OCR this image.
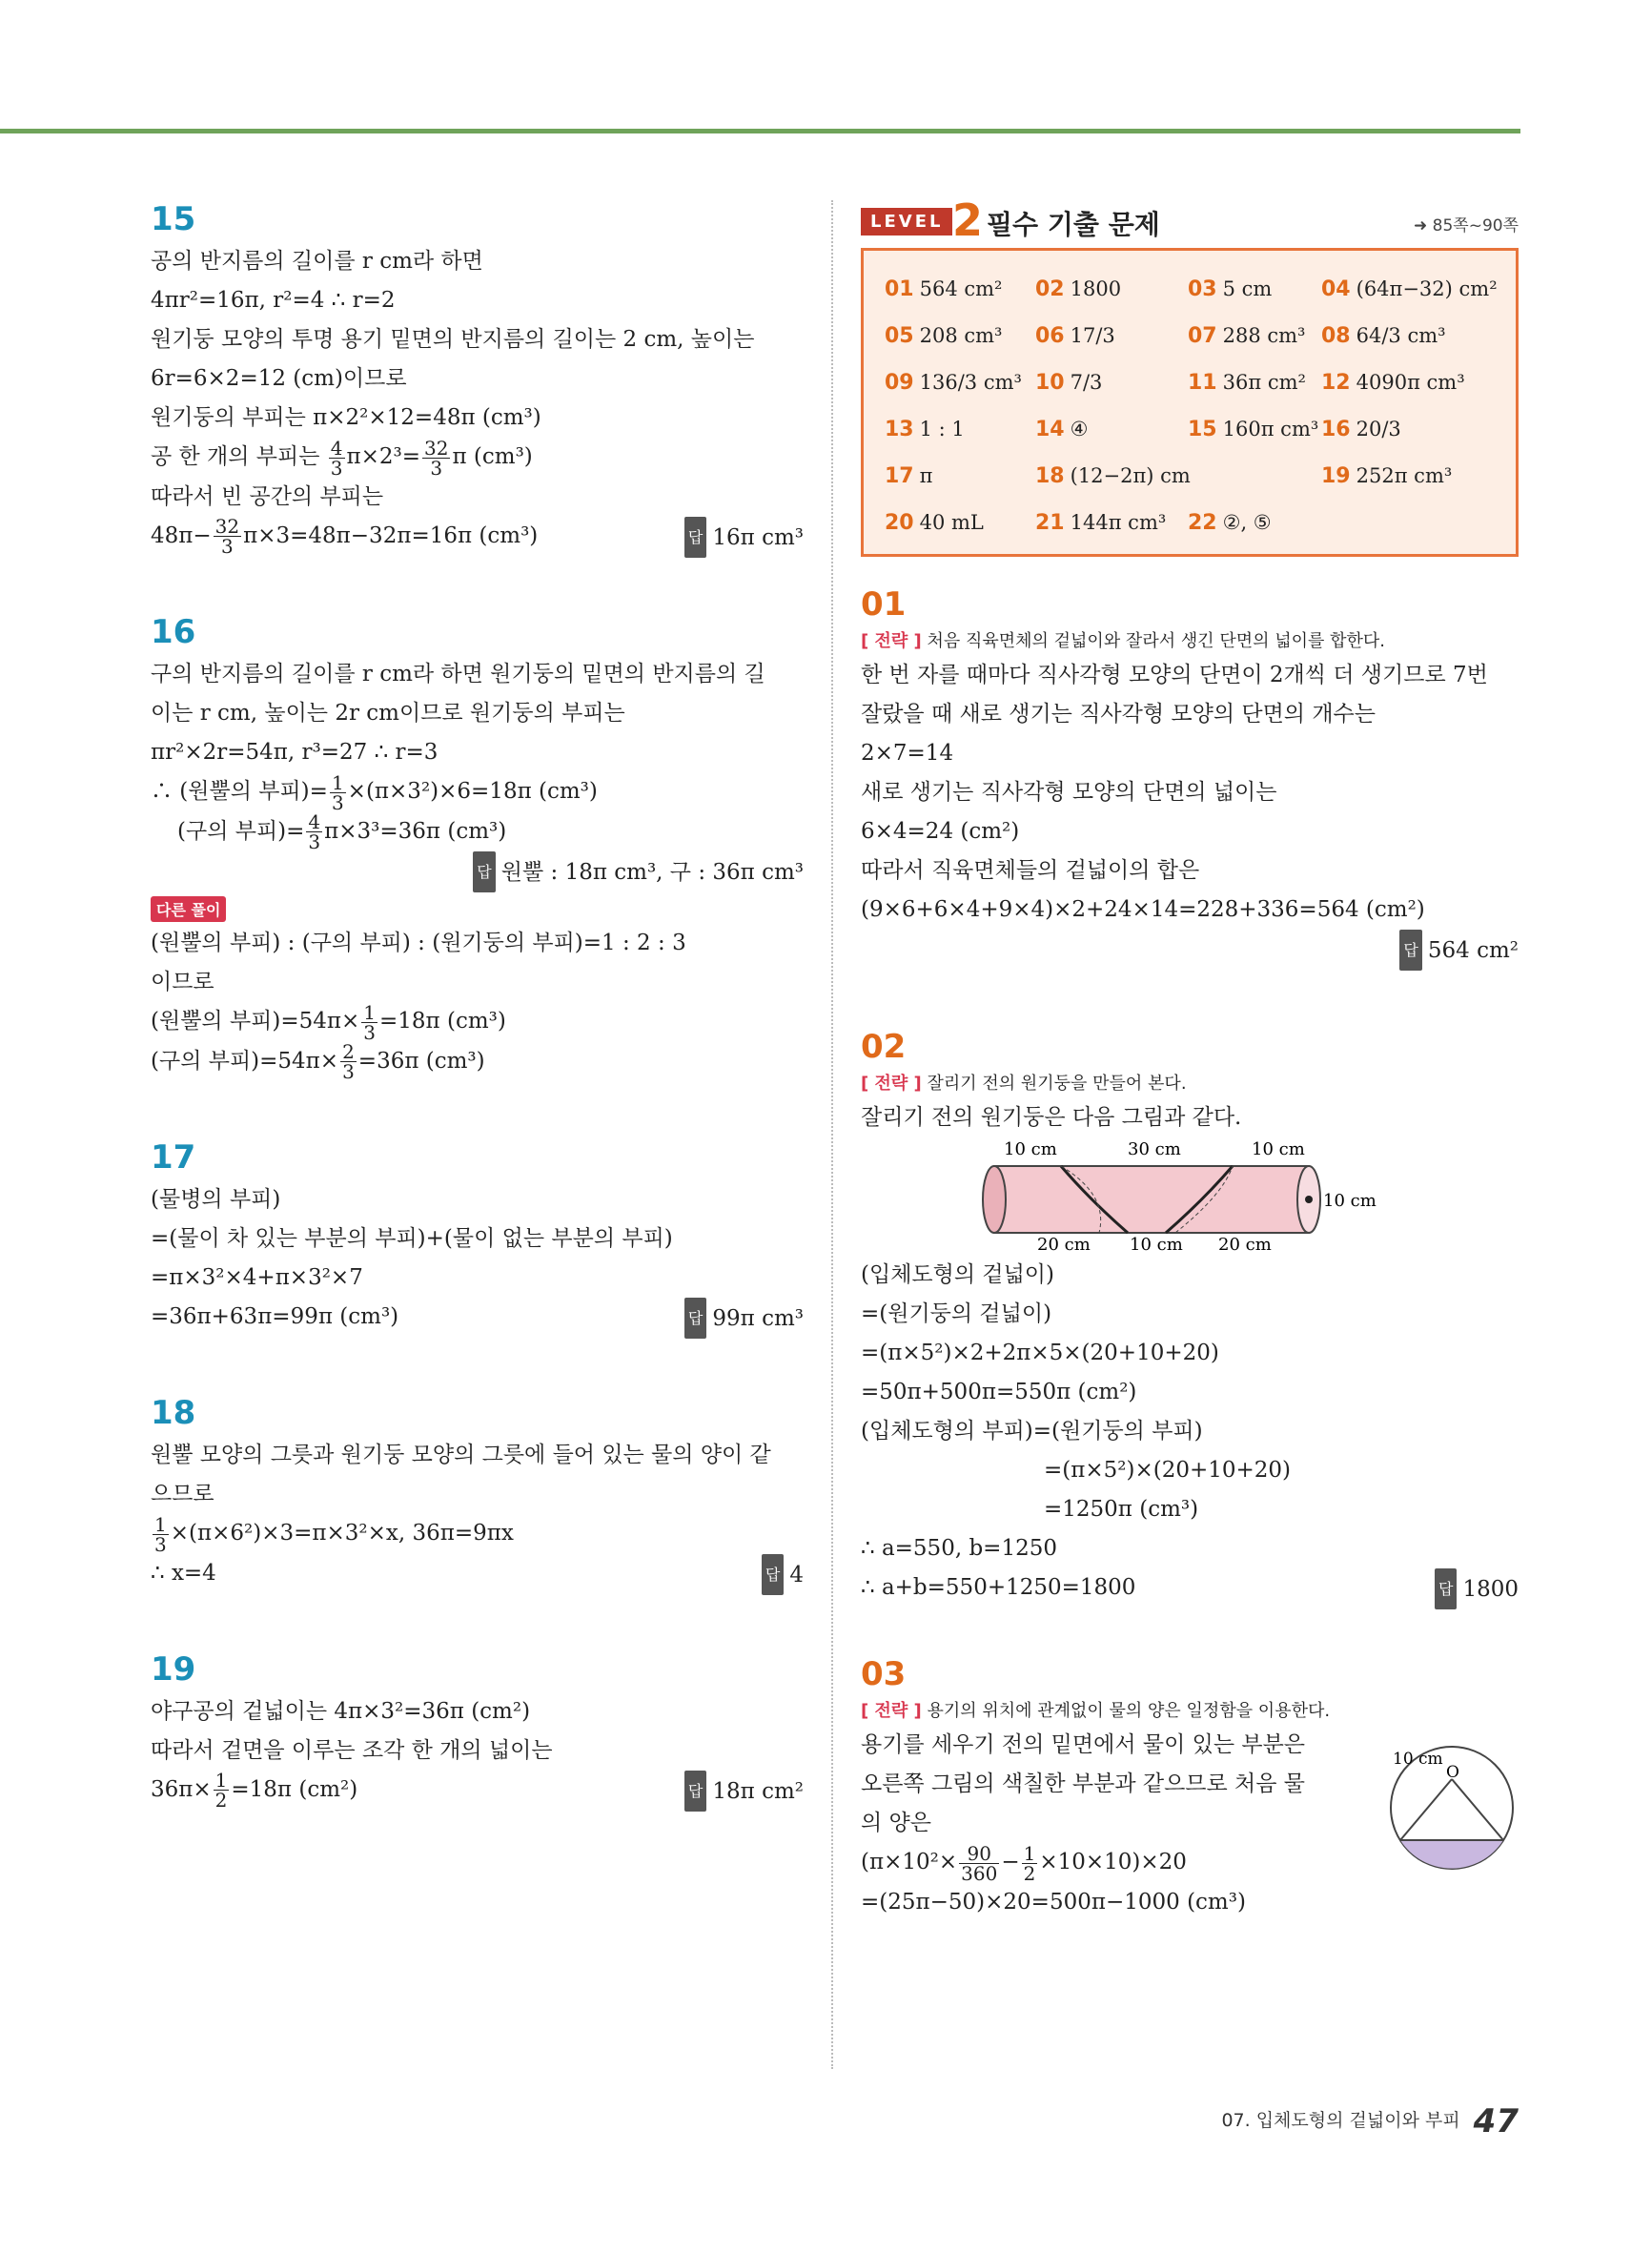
15
공의 반지름의 길이를 r cm라 하면
4πr²=16π, r²=4 ∴ r=2
원기둥 모양의 투명 용기 밑면의 반지름의 길이는 2 cm, 높이는
6r=6×2=12 (cm)이므로
원기둥의 부피는 π×2²×12=48π (cm³)
공 한 개의 부피는 $\frac{4}{3} \pi\times 2^3= \frac{32}{3}$ π (cm³)
따라서 빈 공간의 부피는
$48\pi- \frac{32}{3} \pi\times 3=48\pi-32\pi=16\pi$ (cm³)	답 16π cm³
16
구의 반지름의 길이를 r cm라 하면 원기둥의 밑면의 반지름의 길
이는 r cm, 높이는 2r cm이므로 원기둥의 부피는
πr²×2r=54π, r³=27 ∴ r=3
∴ (원뿔의 부피)= $\frac{1}{3} \times(\pi\times 3^2)\times 6=18\pi$ (cm³)
(구의 부피)= $\frac{4}{3} \pi\times 3^3=36\pi$ (cm³)
답 원뿔 : 18π cm³, 구 : 36π cm³
다른 풀이
(원뿔의 부피) : (구의 부피) : (원기둥의 부피)=1 : 2 : 3
이므로
(원뿔의 부피)$=54\pi\times \frac{1}{3} =18\pi$ (cm³)
(구의 부피)$=54\pi\times \frac{2}{3} =36\pi$ (cm³)
17
(물병의 부피)
=(물이 차 있는 부분의 부피)+(물이 없는 부분의 부피)
=π×3²×4+π×3²×7
=36π+63π=99π (cm³)	답 99π cm³
18
원뿔 모양의 그릇과 원기둥 모양의 그릇에 들어 있는 물의 양이 같
으므로
$\frac{1}{3} \times(\pi\times 6^2)\times 3=\pi\times 3^2\times x$, 36π=9πx
∴ x=4	답 4
19
야구공의 겉넓이는 4π×3²=36π (cm²)
따라서 겉면을 이루는 조각 한 개의 넓이는
$36\pi\times \frac{1}{2} =18\pi$ (cm²)	답 18π cm²
LEVEL 2 필수 기출 문제	➜ 85쪽~90쪽
01 564 cm²	02 1800	03 5 cm	04 (64π−32) cm²
05 208 cm³	06 17/3	07 288 cm³ 08 64/3 cm³
09 136/3 cm³ 10 7/3	11 36π cm² 12 4090π cm³
13 1 : 1	14 ④	15 160π cm³ 16 20/3
17 π	18 (12−2π) cm	19 252π cm³
20 40 mL	21 144π cm³	22 ②, ⑤
01
[ 전략 ] 처음 직육면체의 겉넓이와 잘라서 생긴 단면의 넓이를 합한다.
한 번 자를 때마다 직사각형 모양의 단면이 2개씩 더 생기므로 7번
잘랐을 때 새로 생기는 직사각형 모양의 단면의 개수는
2×7=14
새로 생기는 직사각형 모양의 단면의 넓이는
6×4=24 (cm²)
따라서 직육면체들의 겉넓이의 합은
(9×6+6×4+9×4)×2+24×14=228+336=564 (cm²)
답 564 cm²
02
[ 전략 ] 잘리기 전의 원기둥을 만들어 본다.
잘리기 전의 원기둥은 다음 그림과 같다.
10 cm	30 cm	10 cm
20 cm 10 cm 20 cm
10 cm
(입체도형의 겉넓이)
=(원기둥의 겉넓이)
=(π×5²)×2+2π×5×(20+10+20)
=50π+500π=550π (cm²)
(입체도형의 부피)=(원기둥의 부피)
=(π×5²)×(20+10+20)
=1250π (cm³)
∴ a=550, b=1250
∴ a+b=550+1250=1800	답 1800
03
[ 전략 ] 용기의 위치에 관계없이 물의 양은 일정함을 이용한다.
용기를 세우기 전의 밑면에서 물이 있는 부분은
오른쪽 그림의 색칠한 부분과 같으므로 처음 물
의 양은
$(\pi\times 10^2\times \frac{90}{360} - \frac{1}{2} \times 10\times 10)\times 20$
=(25π−50)×20=500π−1000 (cm³)
10 cm
O
07. 입체도형의 겉넓이와 부피 47
